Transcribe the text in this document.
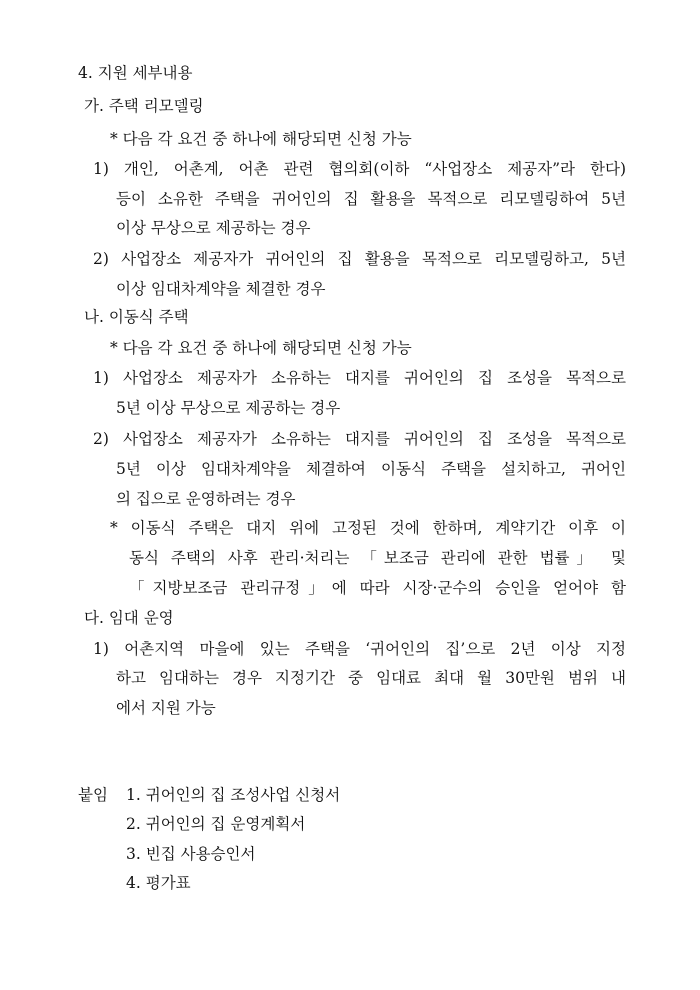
4. 지원 세부내용
가. 주택 리모델링
* 다음 각 요건 중 하나에 해당되면 신청 가능
1) 개인, 어촌계, 어촌 관련 협의회(이하 “사업장소 제공자”라 한다)
등이 소유한 주택을 귀어인의 집 활용을 목적으로 리모델링하여 5년
이상 무상으로 제공하는 경우
2) 사업장소 제공자가 귀어인의 집 활용을 목적으로 리모델링하고, 5년
이상 임대차계약을 체결한 경우
나. 이동식 주택
* 다음 각 요건 중 하나에 해당되면 신청 가능
1) 사업장소 제공자가 소유하는 대지를 귀어인의 집 조성을 목적으로
5년 이상 무상으로 제공하는 경우
2) 사업장소 제공자가 소유하는 대지를 귀어인의 집 조성을 목적으로
5년 이상 임대차계약을 체결하여 이동식 주택을 설치하고, 귀어인
의 집으로 운영하려는 경우
* 이동식 주택은 대지 위에 고정된 것에 한하며, 계약기간 이후 이
동식 주택의 사후 관리·처리는 「보조금 관리에 관한 법률」 및
「지방보조금 관리규정」에 따라 시장·군수의 승인을 얻어야 함
다. 임대 운영
1) 어촌지역 마을에 있는 주택을 ‘귀어인의 집’으로 2년 이상 지정
하고 임대하는 경우 지정기간 중 임대료 최대 월 30만원 범위 내
에서 지원 가능
붙임 1. 귀어인의 집 조성사업 신청서
2. 귀어인의 집 운영계획서
3. 빈집 사용승인서
4. 평가표
